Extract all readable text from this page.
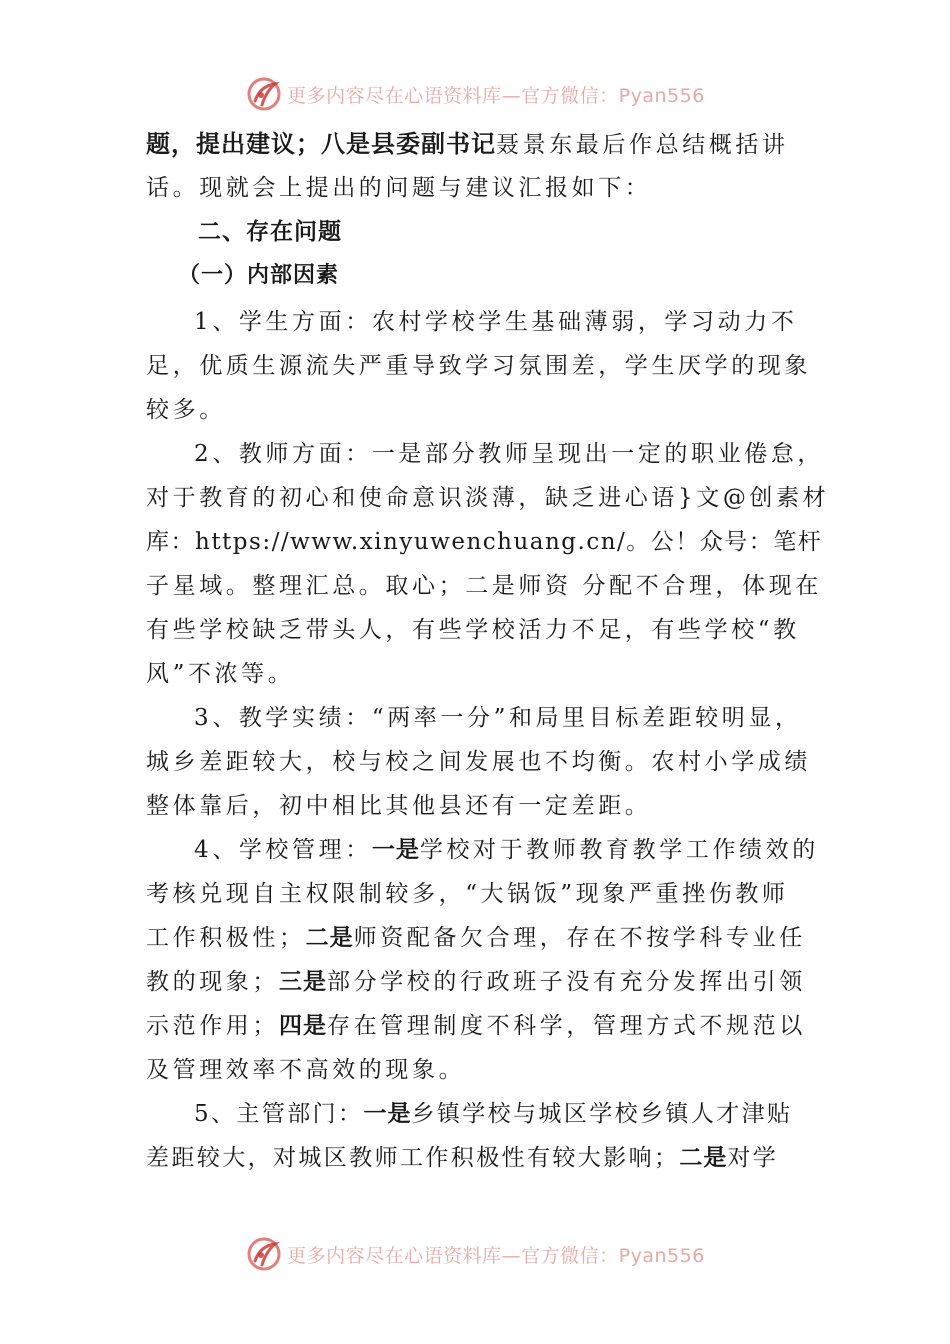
更多内容尽在心语资料库—官方微信：Pyan556
题，提出建议；八是县委副书记聂景东最后作总结概括讲
话。现就会上提出的问题与建议汇报如下：
二、存在问题
（一）内部因素
1、学生方面：农村学校学生基础薄弱，学习动力不
足，优质生源流失严重导致学习氛围差，学生厌学的现象
较多。
2、教师方面：一是部分教师呈现出一定的职业倦怠，
对于教育的初心和使命意识淡薄，缺乏进心语}文@创素材
库：https://www.xinyuwenchuang.cn/。公！众号：笔杆
子星域。整理汇总。取心；二是师资 分配不合理，体现在
有些学校缺乏带头人，有些学校活力不足，有些学校“教
风”不浓等。
3、教学实绩：“两率一分”和局里目标差距较明显，
城乡差距较大，校与校之间发展也不均衡。农村小学成绩
整体靠后，初中相比其他县还有一定差距。
4、学校管理：一是学校对于教师教育教学工作绩效的
考核兑现自主权限制较多，“大锅饭”现象严重挫伤教师
工作积极性；二是师资配备欠合理，存在不按学科专业任
教的现象；三是部分学校的行政班子没有充分发挥出引领
示范作用；四是存在管理制度不科学，管理方式不规范以
及管理效率不高效的现象。
5、主管部门：一是乡镇学校与城区学校乡镇人才津贴
差距较大，对城区教师工作积极性有较大影响；二是对学
更多内容尽在心语资料库—官方微信：Pyan556
